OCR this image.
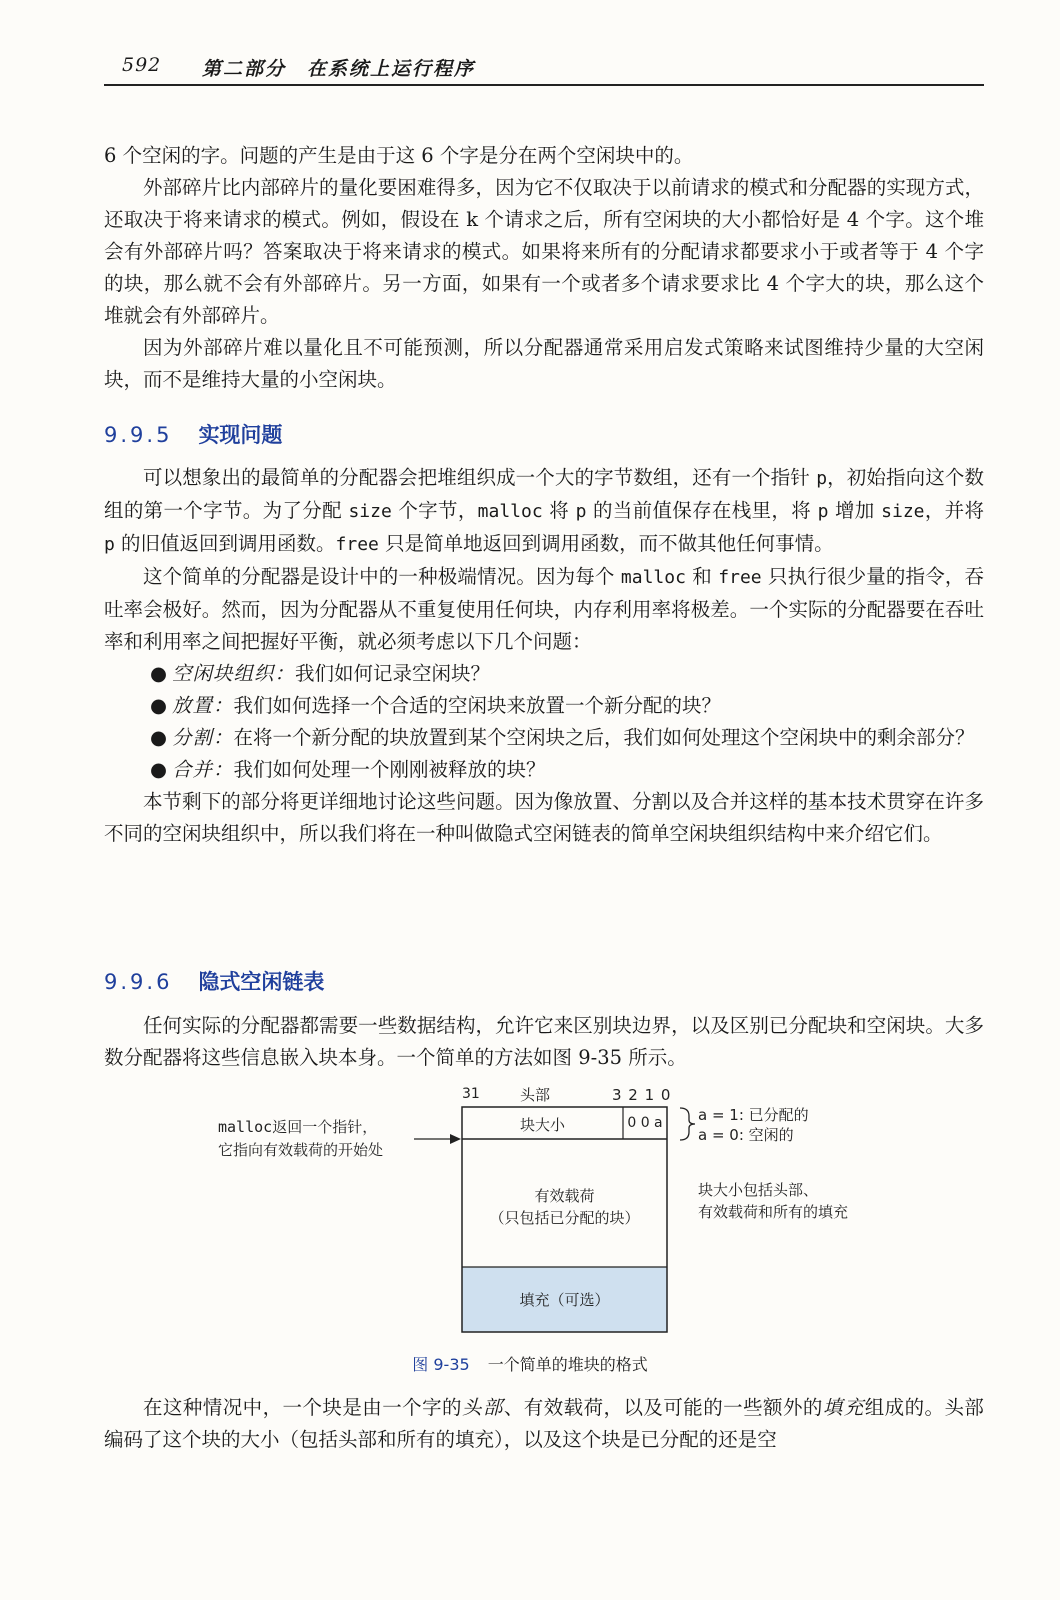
592 第二部分　在系统上运行程序

6 个空闲的字。问题的产生是由于这 6 个字是分在两个空闲块中的。

外部碎片比内部碎片的量化要困难得多，因为它不仅取决于以前请求的模式和分配器的实现方式，还取决于将来请求的模式。例如，假设在 k 个请求之后，所有空闲块的大小都恰好是 4 个字。这个堆会有外部碎片吗？答案取决于将来请求的模式。如果将来所有的分配请求都要求小于或者等于 4 个字的块，那么就不会有外部碎片。另一方面，如果有一个或者多个请求要求比 4 个字大的块，那么这个堆就会有外部碎片。

因为外部碎片难以量化且不可能预测，所以分配器通常采用启发式策略来试图维持少量的大空闲块，而不是维持大量的小空闲块。

9.9.5 实现问题

可以想象出的最简单的分配器会把堆组织成一个大的字节数组，还有一个指针 p，初始指向这个数组的第一个字节。为了分配 size 个字节，malloc 将 p 的当前值保存在栈里，将 p 增加 size，并将 p 的旧值返回到调用函数。free 只是简单地返回到调用函数，而不做其他任何事情。

这个简单的分配器是设计中的一种极端情况。因为每个 malloc 和 free 只执行很少量的指令，吞吐率会极好。然而，因为分配器从不重复使用任何块，内存利用率将极差。一个实际的分配器要在吞吐率和利用率之间把握好平衡，就必须考虑以下几个问题：

● 空闲块组织：我们如何记录空闲块？
● 放置：我们如何选择一个合适的空闲块来放置一个新分配的块？
● 分割：在将一个新分配的块放置到某个空闲块之后，我们如何处理这个空闲块中的剩余部分？
● 合并：我们如何处理一个刚刚被释放的块？

本节剩下的部分将更详细地讨论这些问题。因为像放置、分割以及合并这样的基本技术贯穿在许多不同的空闲块组织中，所以我们将在一种叫做隐式空闲链表的简单空闲块组织结构中来介绍它们。

9.9.6 隐式空闲链表

任何实际的分配器都需要一些数据结构，允许它来区别块边界，以及区别已分配块和空闲块。大多数分配器将这些信息嵌入块本身。一个简单的方法如图 9-35 所示。

31	头部	3 2 1 0
块大小	0 0 a
malloc返回一个指针，
它指向有效载荷的开始处
a = 1: 已分配的
a = 0: 空闲的
块大小包括头部、
有效载荷和所有的填充
有效载荷
（只包括已分配的块）
填充（可选）
图 9-35 一个简单的堆块的格式

在这种情况中，一个块是由一个字的头部、有效载荷，以及可能的一些额外的填充组成的。头部编码了这个块的大小（包括头部和所有的填充），以及这个块是已分配的还是空
